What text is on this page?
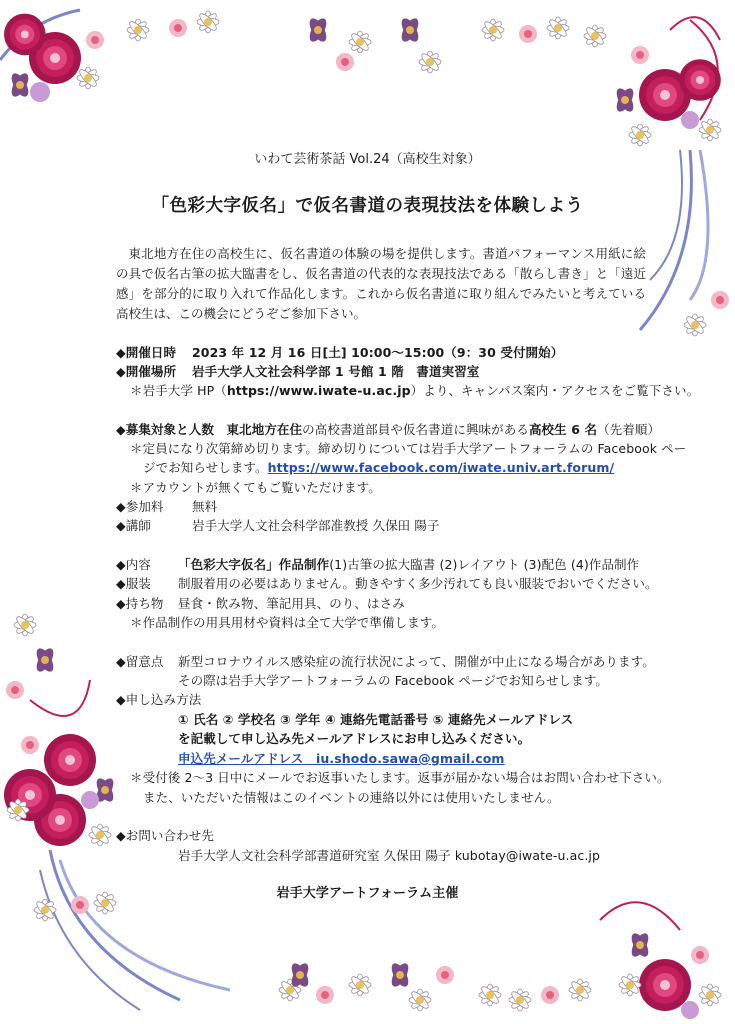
いわて芸術茶話 Vol.24（高校生対象）
「色彩大字仮名」で仮名書道の表現技法を体験しよう
東北地方在住の高校生に、仮名書道の体験の場を提供します。書道パフォーマンス用紙に絵の具で仮名古筆の拡大臨書をし、仮名書道の代表的な表現技法である「散らし書き」と「遠近感」を部分的に取り入れて作品化します。これから仮名書道に取り組んでみたいと考えている高校生は、この機会にどうぞご参加下さい。
◆開催日時 2023 年 12 月 16 日[土] 10:00～15:00（9：30 受付開始）
◆開催場所 岩手大学人文社会科学部 1 号館 1 階　書道実習室
＊岩手大学 HP（https://www.iwate-u.ac.jp）より、キャンパス案内・アクセスをご覧下さい。
◆募集対象と人数　 東北地方在住の高校書道部員や仮名書道に興味がある高校生 6 名（先着順）
＊定員になり次第締め切ります。締め切りについては岩手大学アートフォーラムの Facebook ペー
ジでお知らせします。https://www.facebook.com/iwate.univ.art.forum/
＊アカウントが無くてもご覧いただけます。
◆参加料 無料
◆講師	岩手大学人文社会科学部准教授 久保田 陽子
◆内容 「色彩大字仮名」作品制作(1)古筆の拡大臨書 (2)レイアウト (3)配色 (4)作品制作
◆服装 制服着用の必要はありません。動きやすく多少汚れても良い服装でおいでください。
◆持ち物 昼食・飲み物、筆記用具、のり、はさみ
＊作品制作の用具用材や資料は全て大学で準備します。
◆留意点 新型コロナウイルス感染症の流行状況によって、開催が中止になる場合があります。
その際は岩手大学アートフォーラムの Facebook ページでお知らせします。
◆申し込み方法
① 氏名 ② 学校名 ③ 学年 ④ 連絡先電話番号 ⑤ 連絡先メールアドレス
を記載して申し込み先メールアドレスにお申し込みください。
申込先メールアドレス　 iu.shodo.sawa@gmail.com
＊受付後 2～3 日中にメールでお返事いたします。返事が届かない場合はお問い合わせ下さい。
また、いただいた情報はこのイベントの連絡以外には使用いたしません。
◆お問い合わせ先
岩手大学人文社会科学部書道研究室 久保田 陽子 kubotay@iwate-u.ac.jp
岩手大学アートフォーラム主催
